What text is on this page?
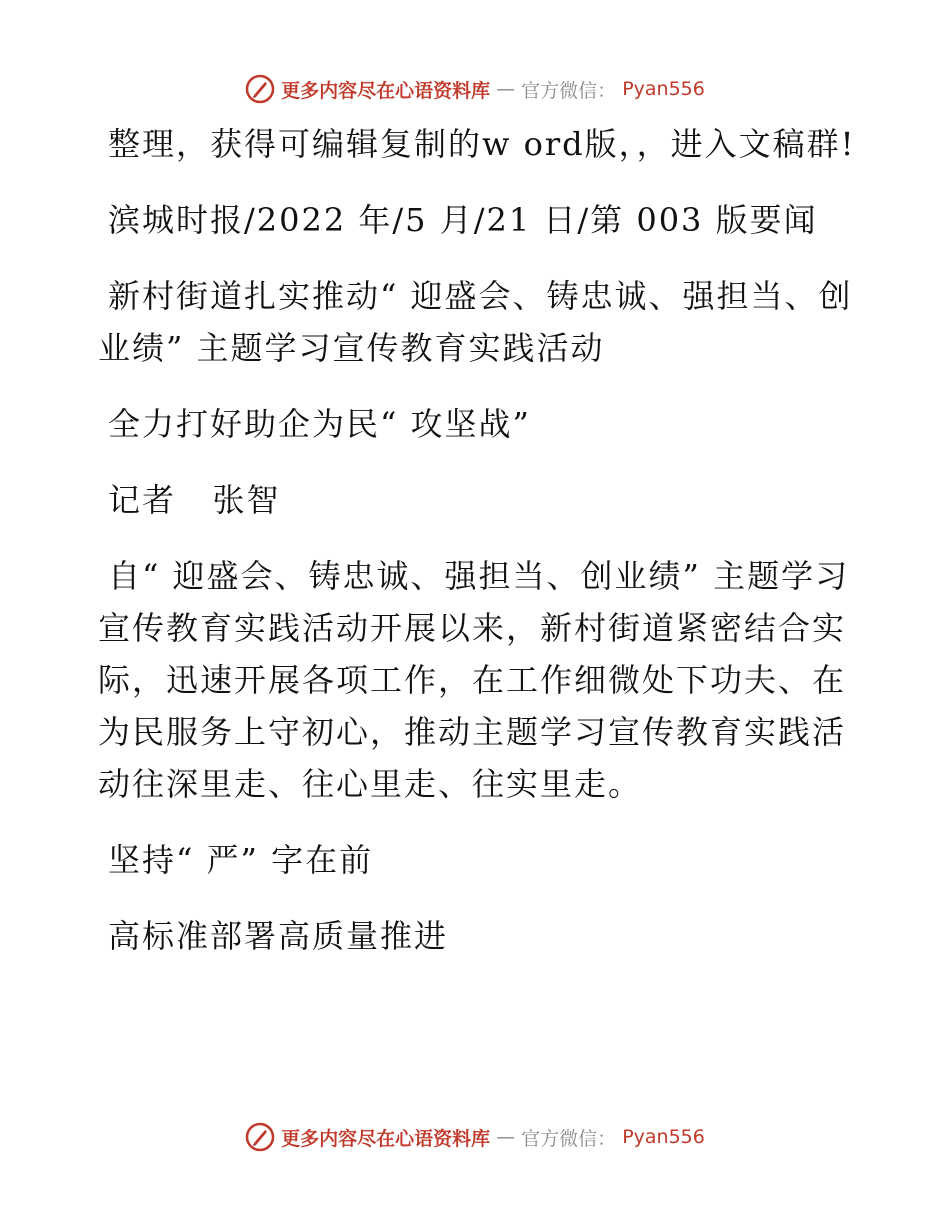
更多内容尽在心语资料库 — 官方微信： Pyan556

整理，获得可编辑复制的w ord版，，进入文稿群!

滨城时报/2022 年/5 月/21 日/第 003 版要闻

新村街道扎实推动“ 迎盛会、铸忠诚、强担当、创业绩” 主题学习宣传教育实践活动

全力打好助企为民“ 攻坚战”

记者   张智

自“ 迎盛会、铸忠诚、强担当、创业绩” 主题学习宣传教育实践活动开展以来，新村街道紧密结合实际，迅速开展各项工作，在工作细微处下功夫、在为民服务上守初心，推动主题学习宣传教育实践活动往深里走、往心里走、往实里走。

坚持“ 严” 字在前

高标准部署高质量推进

更多内容尽在心语资料库 — 官方微信： Pyan556
